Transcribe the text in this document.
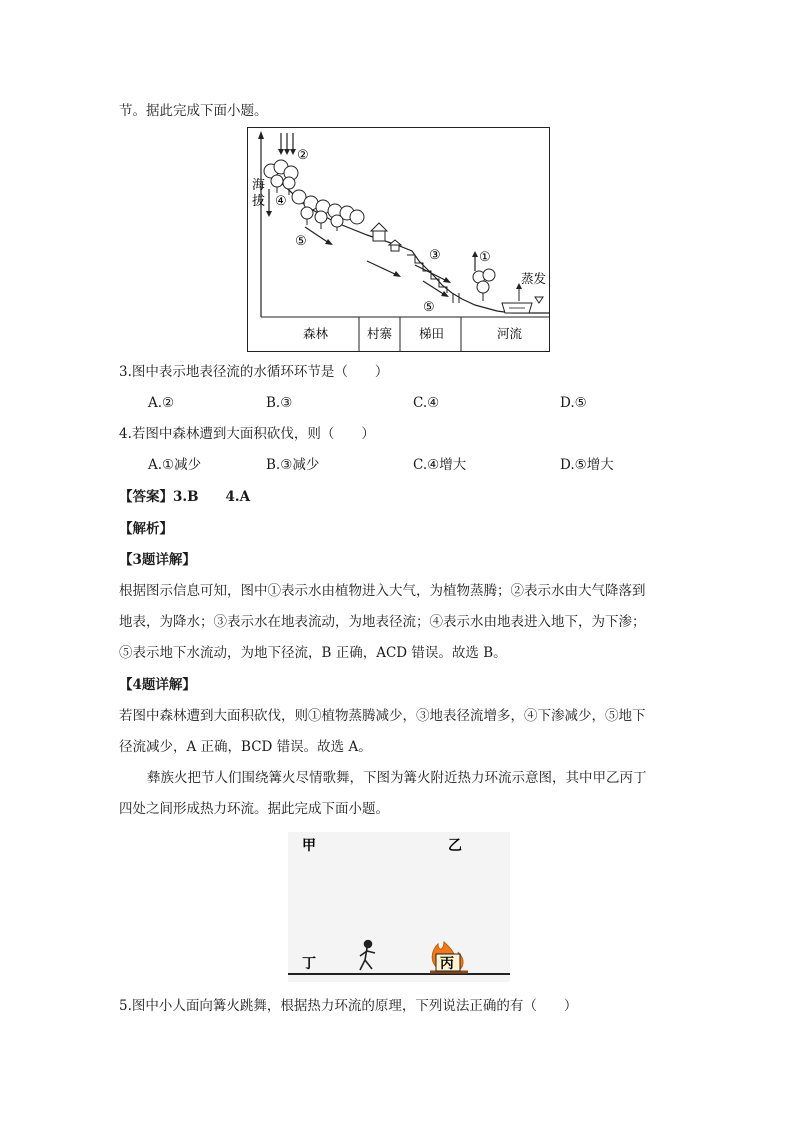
节。据此完成下面小题。
海
拔
森林	村寨 梯田	河流
①
②
③
④
⑤
⑤
蒸发
3.图中表示地表径流的水循环环节是（　　）
A.②	B.③	C.④	D.⑤
4.若图中森林遭到大面积砍伐，则（　　）
A.①减少	B.③减少	C.④增大	D.⑤增大
【答案】3.B　　4.A
【解析】
【3题详解】
根据图示信息可知，图中①表示水由植物进入大气，为植物蒸腾；②表示水由大气降落到
地表，为降水；③表示水在地表流动，为地表径流；④表示水由地表进入地下，为下渗；
⑤表示地下水流动，为地下径流，B 正确，ACD 错误。故选 B。
【4题详解】
若图中森林遭到大面积砍伐，则①植物蒸腾减少，③地表径流增多，④下渗减少，⑤地下
径流减少，A 正确，BCD 错误。故选 A。
彝族火把节人们围绕篝火尽情歌舞，下图为篝火附近热力环流示意图，其中甲乙丙丁
四处之间形成热力环流。据此完成下面小题。
甲	乙
丁	丙
5.图中小人面向篝火跳舞，根据热力环流的原理，下列说法正确的有（　　）
